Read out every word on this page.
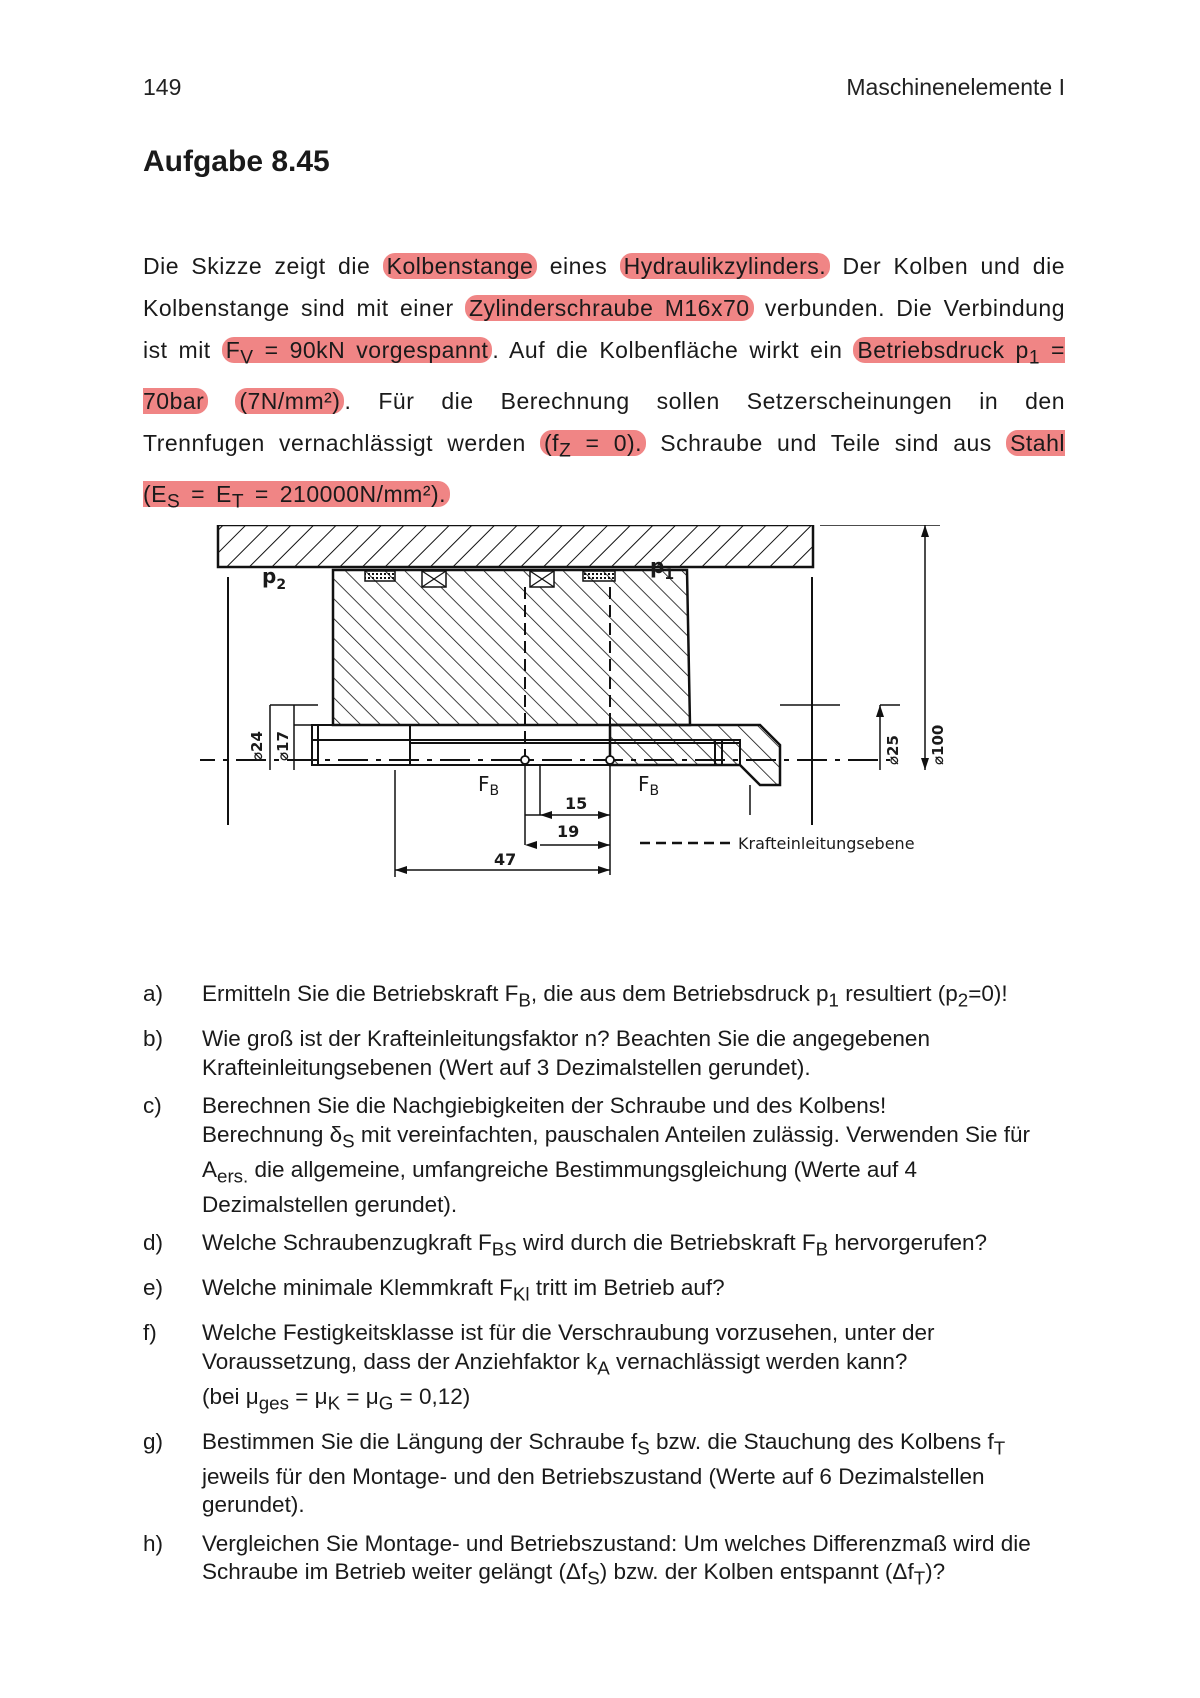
149	Maschinenelemente I
Aufgabe 8.45
Die Skizze zeigt die Kolbenstange eines Hydraulikzylinders. Der Kolben und die Kolbenstange sind mit einer Zylinderschraube M16x70 verbunden. Die Verbindung ist mit $F_V = 90kN$ vorgespannt . Auf die Kolbenfläche wirkt ein Betriebsdruck $p_1 = 70bar$ (7N/mm²) . Für die Berechnung sollen Setzerscheinungen in den Trennfugen vernachlässigt werden $(f_Z = 0)$. Schraube und Teile sind aus Stahl $(E_S = E_T = 210000N/mm^2)$.
$p_2$
$p_1$
$F_B$	$F_B$
⌀24 ⌀17	⌀25 ⌀100
15
19
47
Krafteinleitungsebene
a)	Ermitteln Sie die Betriebskraft $F_B$, die aus dem Betriebsdruck $p_1$ resultiert $(p_2=0)$!
b)	Wie groß ist der Krafteinleitungsfaktor n? Beachten Sie die angegebenen Krafteinleitungsebenen (Wert auf 3 Dezimalstellen gerundet).
c)	Berechnen Sie die Nachgiebigkeiten der Schraube und des Kolbens!
Berechnung $\delta_S$ mit vereinfachten, pauschalen Anteilen zulässig. Verwenden Sie für $A_{ers.}$ die allgemeine, umfangreiche Bestimmungsgleichung (Werte auf 4 Dezimalstellen gerundet).
d)	Welche Schraubenzugkraft $F_{BS}$ wird durch die Betriebskraft $F_B$ hervorgerufen?
e)	Welche minimale Klemmkraft $F_{Kl}$ tritt im Betrieb auf?
f)	Welche Festigkeitsklasse ist für die Verschraubung vorzusehen, unter der Voraussetzung, dass der Anziehfaktor $k_A$ vernachlässigt werden kann?
(bei $\mu_{ges} = \mu_K = \mu_G = 0,12$)
g)	Bestimmen Sie die Längung der Schraube $f_S$ bzw. die Stauchung des Kolbens $f_T$ jeweils für den Montage- und den Betriebszustand (Werte auf 6 Dezimalstellen gerundet).
h)	Vergleichen Sie Montage- und Betriebszustand: Um welches Differenzmaß wird die Schraube im Betrieb weiter gelängt $(\Delta f_S)$ bzw. der Kolben entspannt $(\Delta f_T)$?
